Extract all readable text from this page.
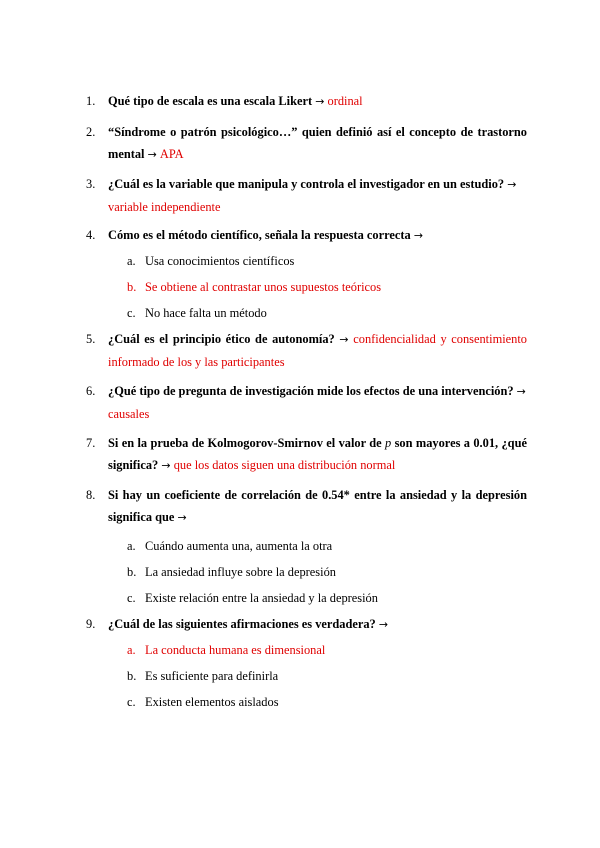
1.	Qué tipo de escala es una escala Likert → ordinal
2.	“Síndrome o patrón psicológico…” quien definió así el concepto de trastorno mental → APA
3.	¿Cuál es la variable que manipula y controla el investigador en un estudio? → variable independiente
4.	Cómo es el método científico, señala la respuesta correcta →
a. Usa conocimientos científicos
b. Se obtiene al contrastar unos supuestos teóricos
c. No hace falta un método
5.	¿Cuál es el principio ético de autonomía? → confidencialidad y consentimiento informado de los y las participantes
6.	¿Qué tipo de pregunta de investigación mide los efectos de una intervención? → causales
7.	Si en la prueba de Kolmogorov-Smirnov el valor de p son mayores a 0.01, ¿qué significa? → que los datos siguen una distribución normal
8.	Si hay un coeficiente de correlación de 0.54* entre la ansiedad y la depresión significa que →
a. Cuándo aumenta una, aumenta la otra
b. La ansiedad influye sobre la depresión
c. Existe relación entre la ansiedad y la depresión
9.	¿Cuál de las siguientes afirmaciones es verdadera? →
a. La conducta humana es dimensional
b. Es suficiente para definirla
c. Existen elementos aislados
